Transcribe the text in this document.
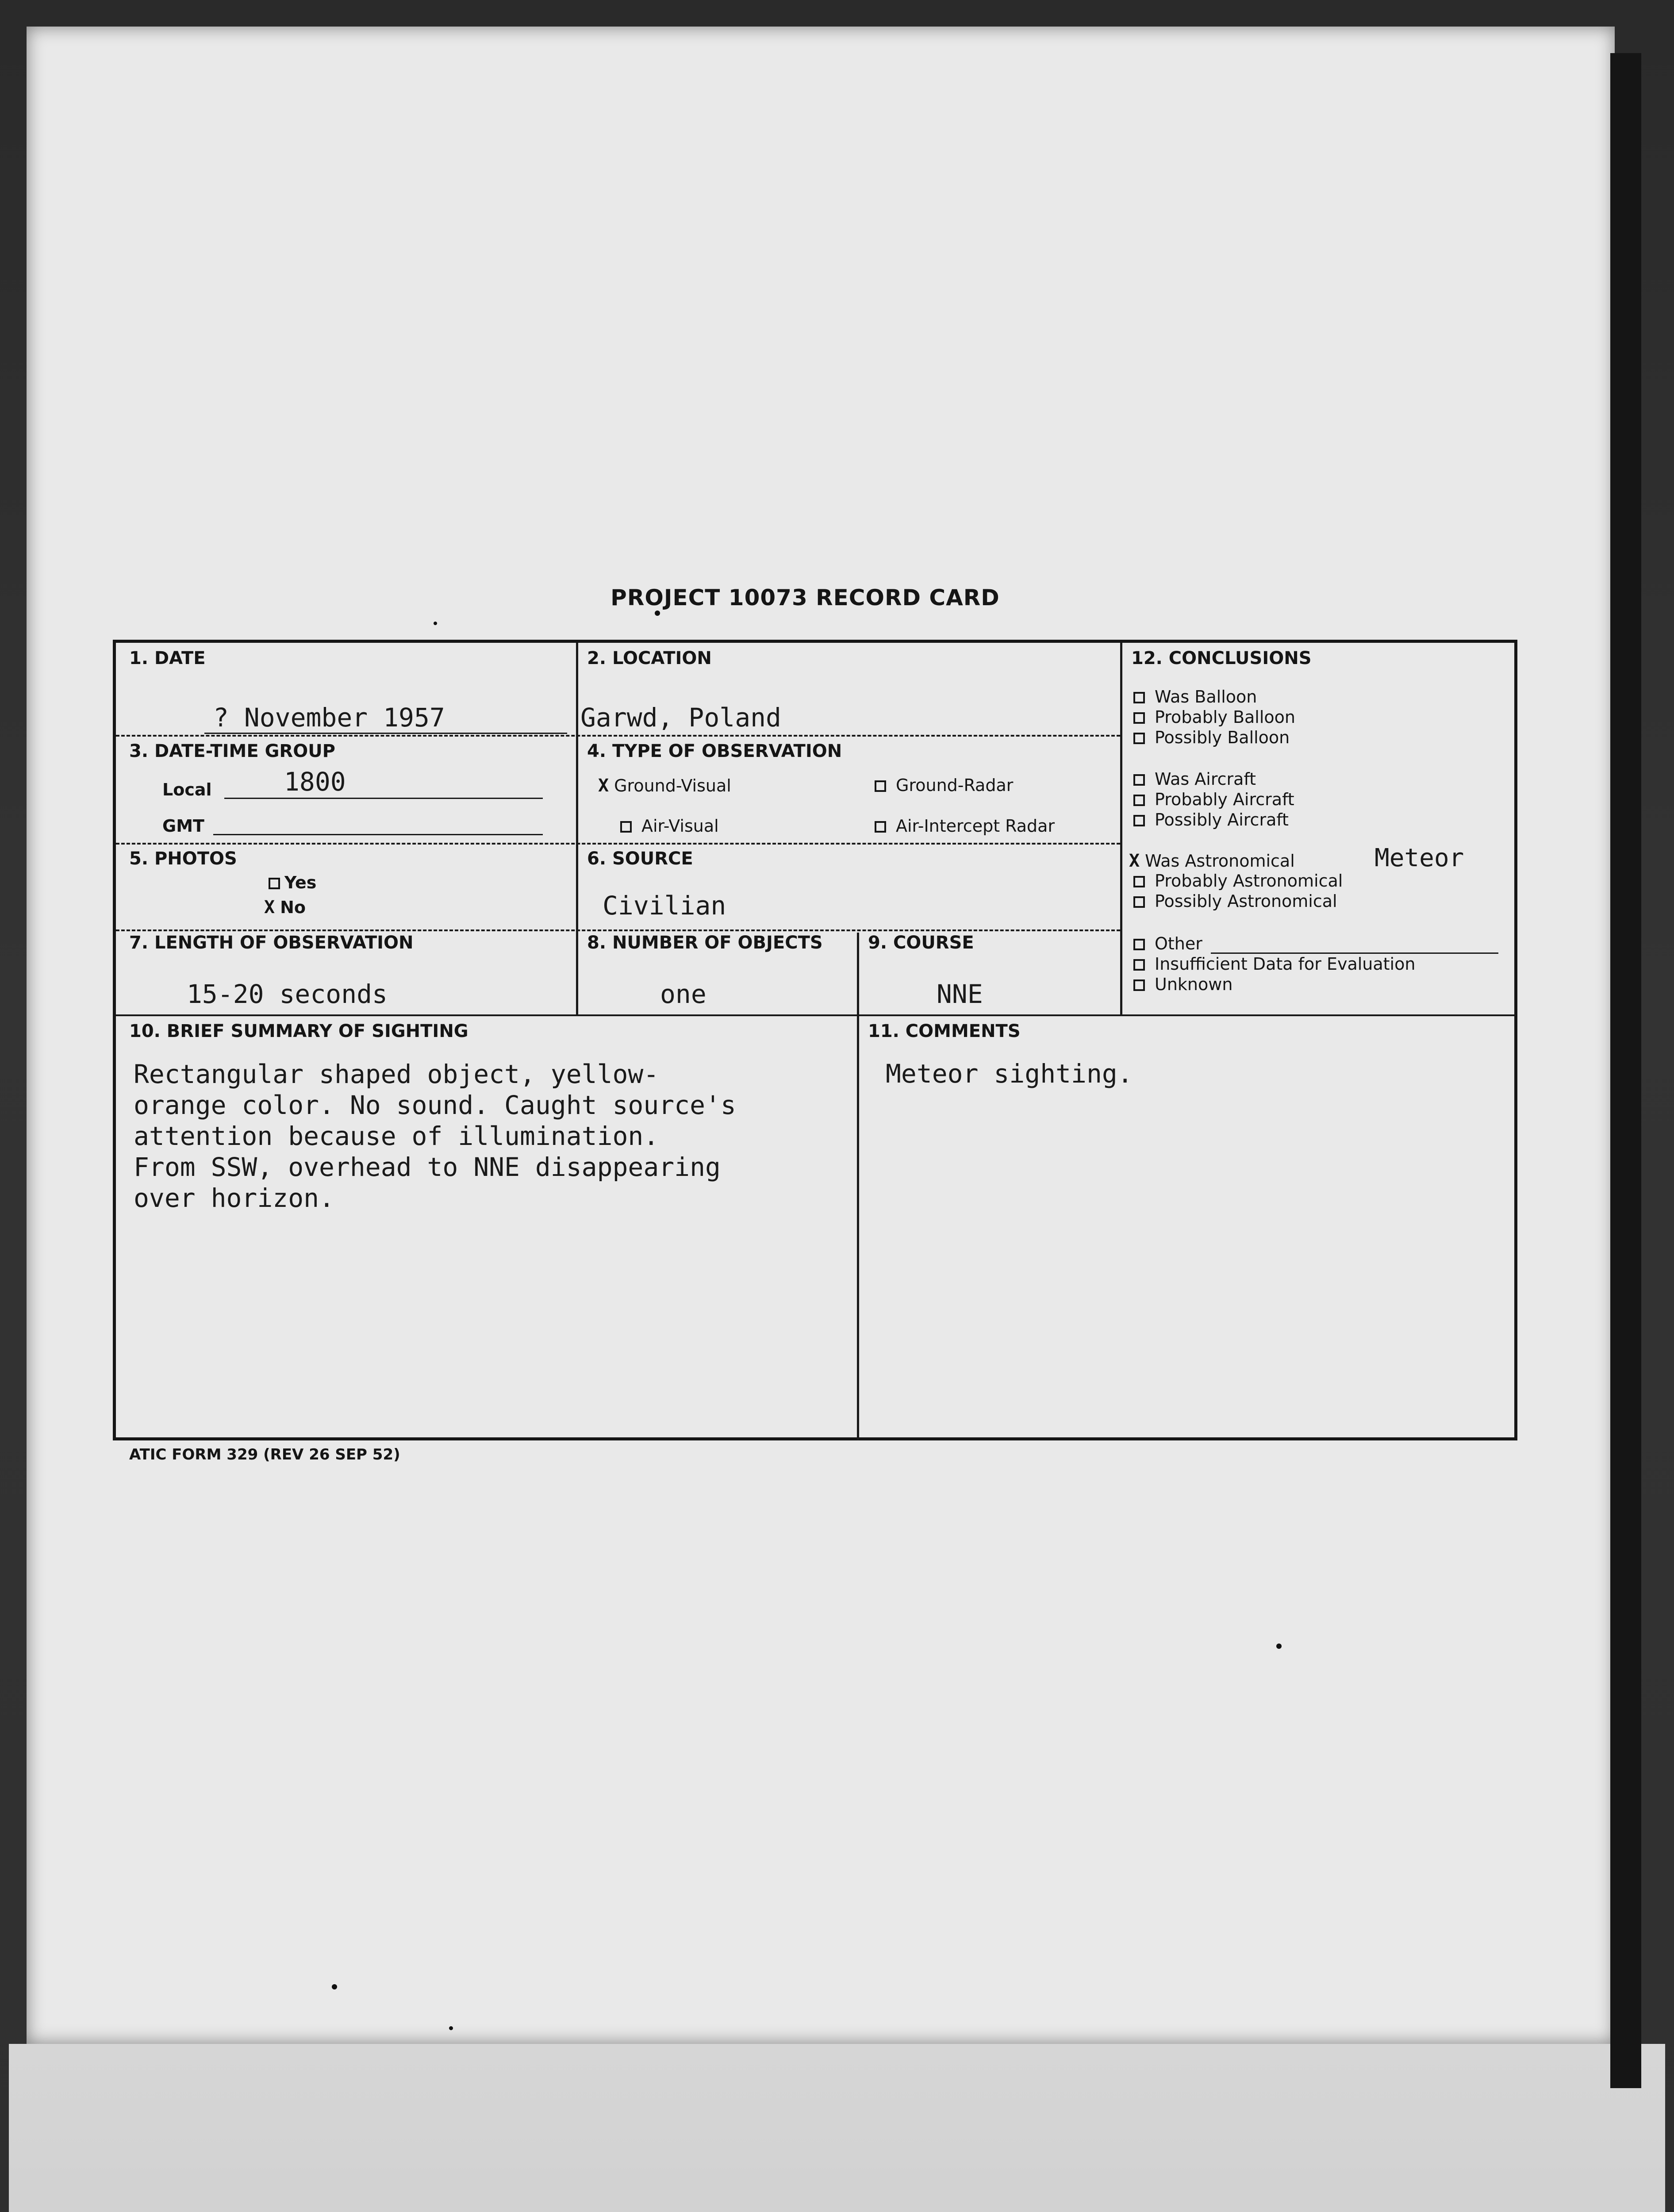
PROJECT 10073 RECORD CARD
1. DATE
? November 1957
2. LOCATION
Garwd, Poland
3. DATE-TIME GROUP
Local	1800
GMT
4. TYPE OF OBSERVATION
X Ground-Visual	Ground-Radar
Air-Visual	Air-Intercept Radar
5. PHOTOS
Yes
X No
6. SOURCE
Civilian
7. LENGTH OF OBSERVATION
15-20 seconds
8. NUMBER OF OBJECTS
one
9. COURSE
NNE
10. BRIEF SUMMARY OF SIGHTING
Rectangular shaped object, yellow-
orange color. No sound. Caught source's
attention because of illumination.
From SSW, overhead to NNE disappearing
over horizon.
11. COMMENTS
Meteor sighting.
12. CONCLUSIONS
Was Balloon
Probably Balloon
Possibly Balloon
Was Aircraft
Probably Aircraft
Possibly Aircraft
X Was Astronomical	Meteor
Probably Astronomical
Possibly Astronomical
Other
Insufficient Data for Evaluation
Unknown
ATIC FORM 329 (REV 26 SEP 52)
